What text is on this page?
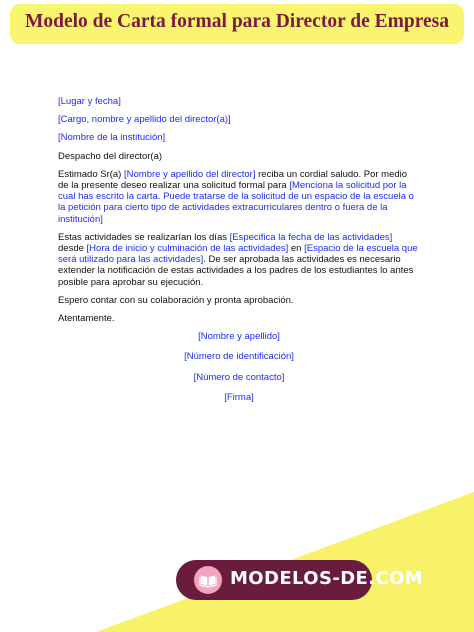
Modelo de Carta formal para Director de Empresa

[Lugar y fecha]

[Cargo, nombre y apellido del director(a)]

[Nombre de la institución]

Despacho del director(a)

Estimado Sr(a) [Nombre y apellido del director] reciba un cordial saludo. Por medio de la presente deseo realizar una solicitud formal para [Menciona la solicitud por la cual has escrito la carta. Puede tratarse de la solicitud de un espacio de la escuela o la petición para cierto tipo de actividades extracurriculares dentro o fuera de la institución]

Estas actividades se realizarían los días [Especifica la fecha de las actividades] desde [Hora de inicio y culminación de las actividades] en [Espacio de la escuela que será utilizado para las actividades]. De ser aprobada las actividades es necesario extender la notificación de estas actividades a los padres de los estudiantes lo antes posible para aprobar su ejecución.

Espero contar con su colaboración y pronta aprobación.

Atentamente.

[Nombre y apellido]

[Número de identificación]

[Número de contacto]

[Firma]

MODELOS-DE.COM
